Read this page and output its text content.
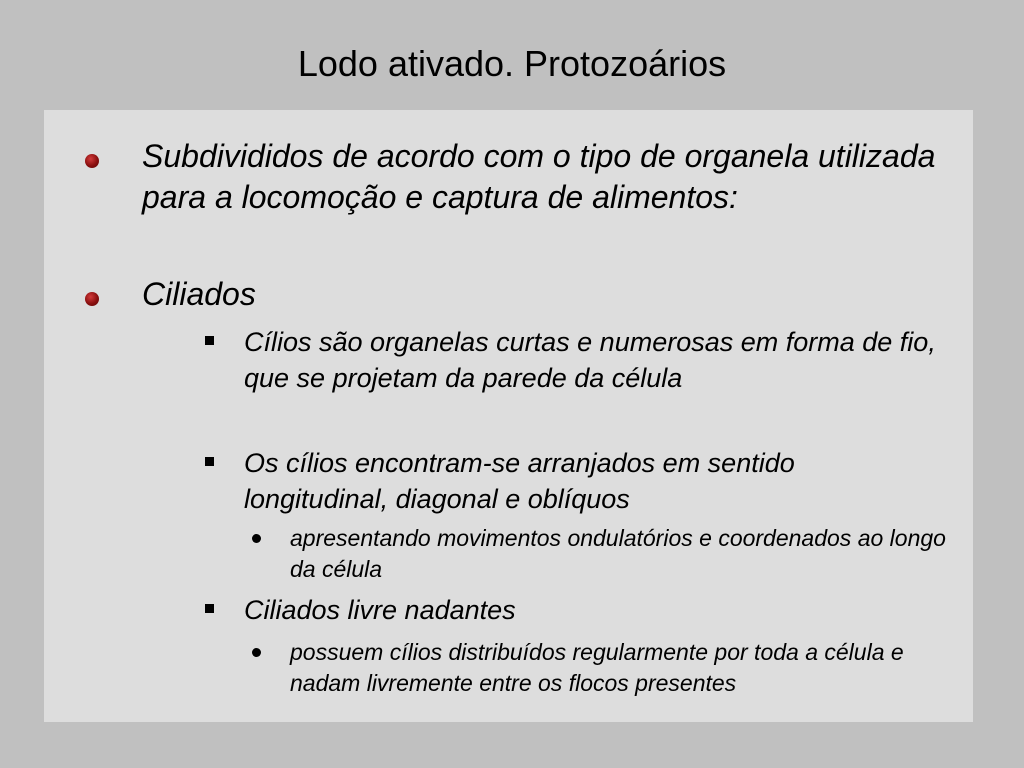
Lodo ativado. Protozoários
Subdivididos de acordo com o tipo de organela utilizada para a locomoção e captura de alimentos:
Ciliados
Cílios são organelas curtas e numerosas em forma de fio, que se projetam da parede da célula
Os cílios encontram-se arranjados em sentido longitudinal, diagonal e oblíquos
apresentando movimentos ondulatórios e coordenados ao longo da célula
Ciliados livre nadantes
possuem cílios distribuídos regularmente por toda a célula e nadam livremente entre os flocos presentes
